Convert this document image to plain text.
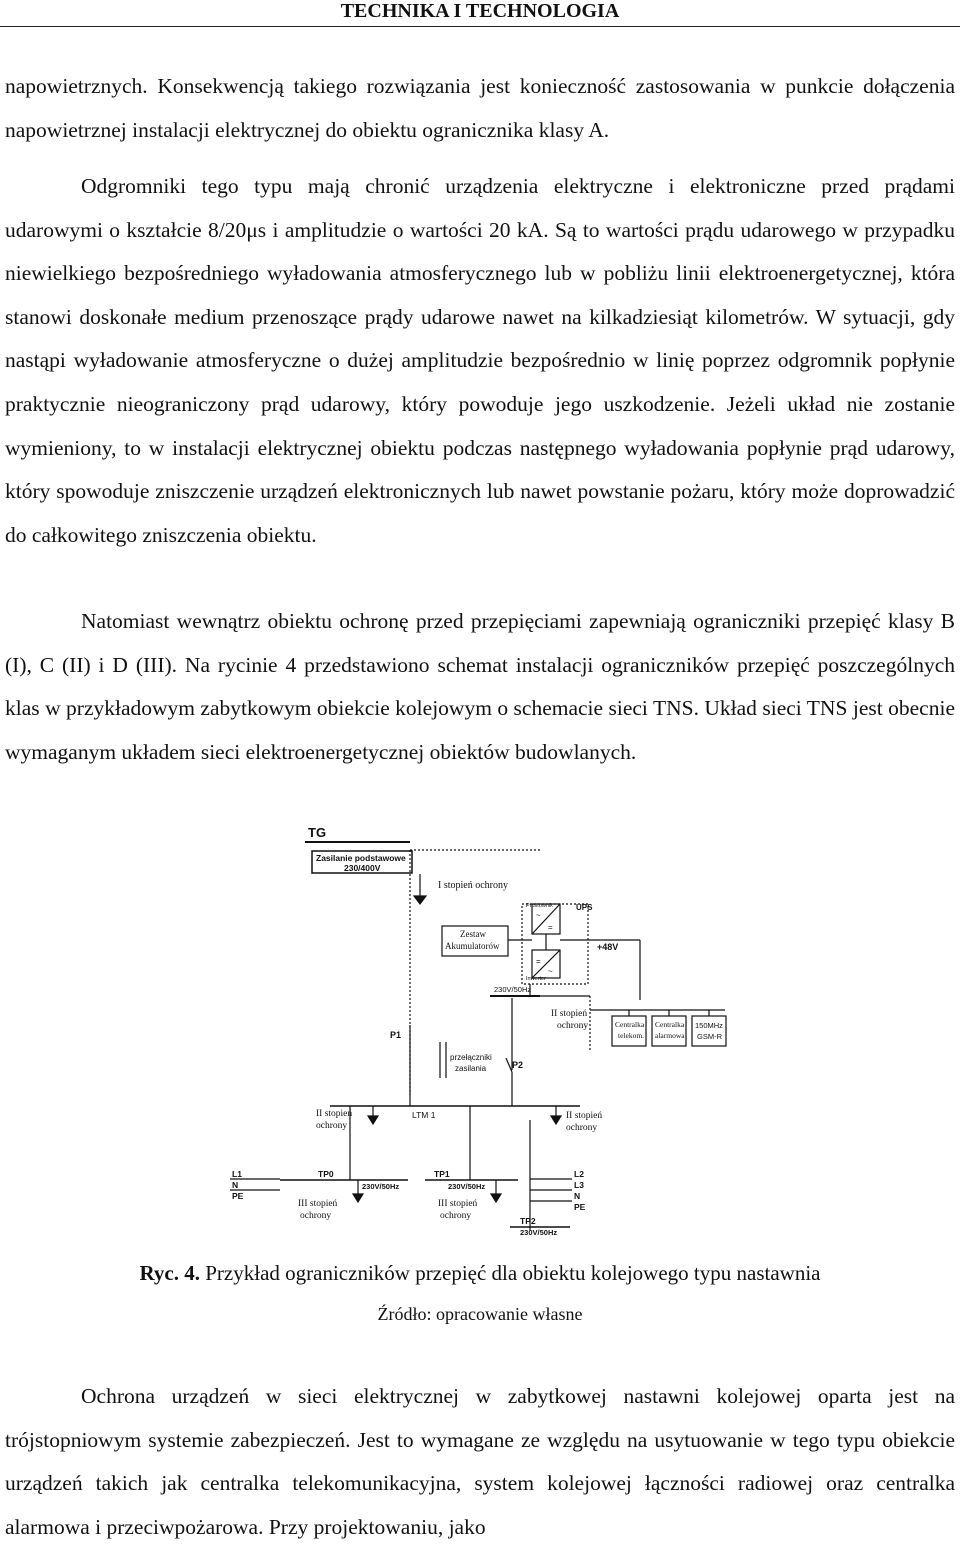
TECHNIKA I TECHNOLOGIA

napowietrznych. Konsekwencją takiego rozwiązania jest konieczność zastosowania w punkcie dołączenia napowietrznej instalacji elektrycznej do obiektu ogranicznika klasy A.

Odgromniki tego typu mają chronić urządzenia elektryczne i elektroniczne przed prądami udarowymi o kształcie 8/20μs i amplitudzie o wartości 20 kA. Są to wartości prądu udarowego w przypadku niewielkiego bezpośredniego wyładowania atmosferycznego lub w pobliżu linii elektroenergetycznej, która stanowi doskonałe medium przenoszące prądy udarowe nawet na kilkadziesiąt kilometrów. W sytuacji, gdy nastąpi wyładowanie atmosferyczne o dużej amplitudzie bezpośrednio w linię poprzez odgromnik popłynie praktycznie nieograniczony prąd udarowy, który powoduje jego uszkodzenie. Jeżeli układ nie zostanie wymieniony, to w instalacji elektrycznej obiektu podczas następnego wyładowania popłynie prąd udarowy, który spowoduje zniszczenie urządzeń elektronicznych lub nawet powstanie pożaru, który może doprowadzić do całkowitego zniszczenia obiektu.

Natomiast wewnątrz obiektu ochronę przed przepięciami zapewniają ograniczniki przepięć klasy B (I), C (II) i D (III). Na rycinie 4 przedstawiono schemat instalacji ograniczników przepięć poszczególnych klas w przykładowym zabytkowym obiekcie kolejowym o schemacie sieci TNS. Układ sieci TNS jest obecnie wymaganym układem sieci elektroenergetycznej obiektów budowlanych.

TG
Zasilanie podstawowe
230/400V
I stopień ochrony
Zestaw
Akumulatorów
UPS
Prostownik
~
=
=
~
Inwerter
+48V
230V/50Hz
II stopień
ochrony	Centralka
telekom.
Centralka
alarmowa
150MHz
GSM-R
P1
przełączniki
zasilania	P2
LTM 1
II stopień
ochrony
II stopień
ochrony
L1
N
PE
TP0
230V/50Hz
III stopień
ochrony
TP1
230V/50Hz
III stopień
ochrony
L2
L3
N
PE
TP2
230V/50Hz
Ryc. 4. Przykład ograniczników przepięć dla obiektu kolejowego typu nastawnia
Źródło: opracowanie własne

Ochrona urządzeń w sieci elektrycznej w zabytkowej nastawni kolejowej oparta jest na trójstopniowym systemie zabezpieczeń. Jest to wymagane ze względu na usytuowanie w tego typu obiekcie urządzeń takich jak centralka telekomunikacyjna, system kolejowej łączności radiowej oraz centralka alarmowa i przeciwpożarowa. Przy projektowaniu, jako
